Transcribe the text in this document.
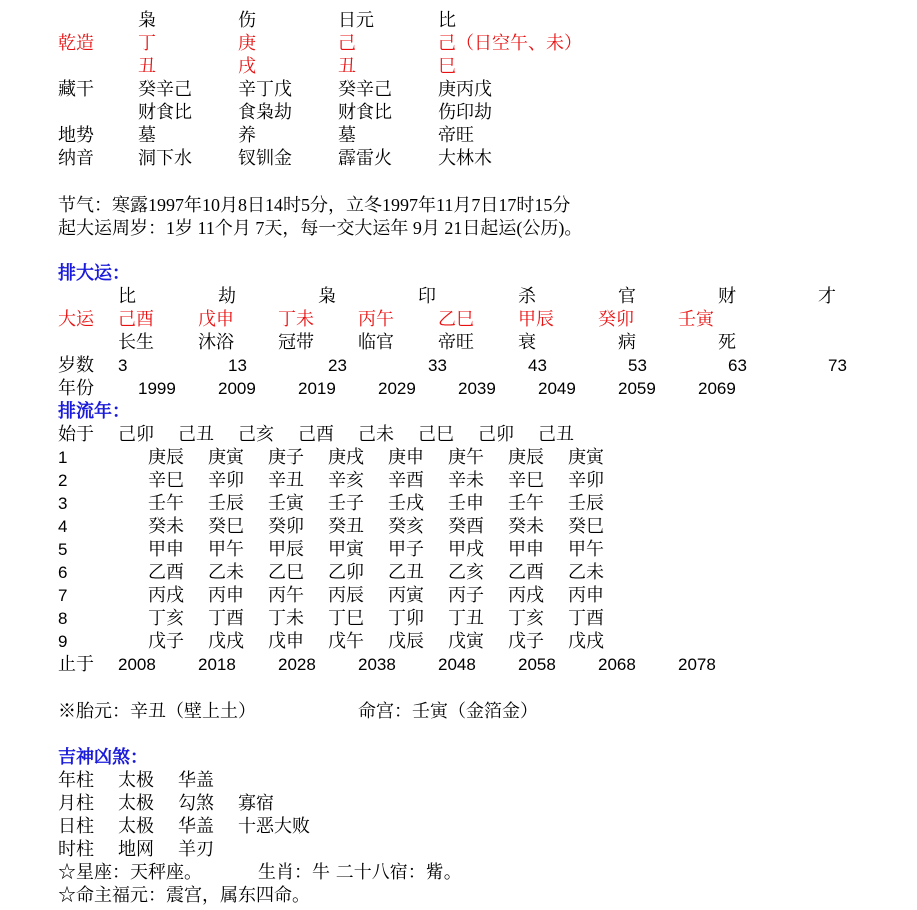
枭	伤	日元	比
乾造 丁	庚	己	己（日空午、未）
丑	戌	丑	巳
藏干 癸辛己	辛丁戊	癸辛己	庚丙戊
财食比	食枭劫	财食比	伤印劫
地势 墓	养	墓	帝旺
纳音 洞下水	钗钏金	霹雷火	大林木
节气：寒露1997年10月8日14时5分，立冬1997年11月7日17时15分
起大运周岁：1岁 11个月 7天，每一交大运年 9月 21日起运(公历)。
排大运：
比	劫	枭	印	杀	官	财	才
大运 己酉 戊申 丁未 丙午 乙巳 甲辰 癸卯 壬寅
长生 沐浴 冠带 临官 帝旺 衰	病	死
岁数 3	13	23	33	43	53	63	73
年份	1999 2009 2019 2029 2039 2049 2059 2069
排流年：
始于 己卯 己丑 己亥 己酉 己未 己巳 己卯 己丑
1	庚辰 庚寅 庚子 庚戌 庚申 庚午 庚辰 庚寅
2	辛巳 辛卯 辛丑 辛亥 辛酉 辛未 辛巳 辛卯
3	壬午 壬辰 壬寅 壬子 壬戌 壬申 壬午 壬辰
4	癸未 癸巳 癸卯 癸丑 癸亥 癸酉 癸未 癸巳
5	甲申 甲午 甲辰 甲寅 甲子 甲戌 甲申 甲午
6	乙酉 乙未 乙巳 乙卯 乙丑 乙亥 乙酉 乙未
7	丙戌 丙申 丙午 丙辰 丙寅 丙子 丙戌 丙申
8	丁亥 丁酉 丁未 丁巳 丁卯 丁丑 丁亥 丁酉
9	戊子 戊戌 戊申 戊午 戊辰 戊寅 戊子 戊戌
止于 2008 2018 2028 2038 2048 2058 2068 2078
※胎元：辛丑（壁上土）	命宫：壬寅（金箔金）
吉神凶煞：
年柱 太极 华盖
月柱 太极 勾煞 寡宿
日柱 太极 华盖 十恶大败
时柱 地网 羊刃
☆星座：天秤座。	生肖：牛 二十八宿：觜。
☆命主福元：震宫，属东四命。
